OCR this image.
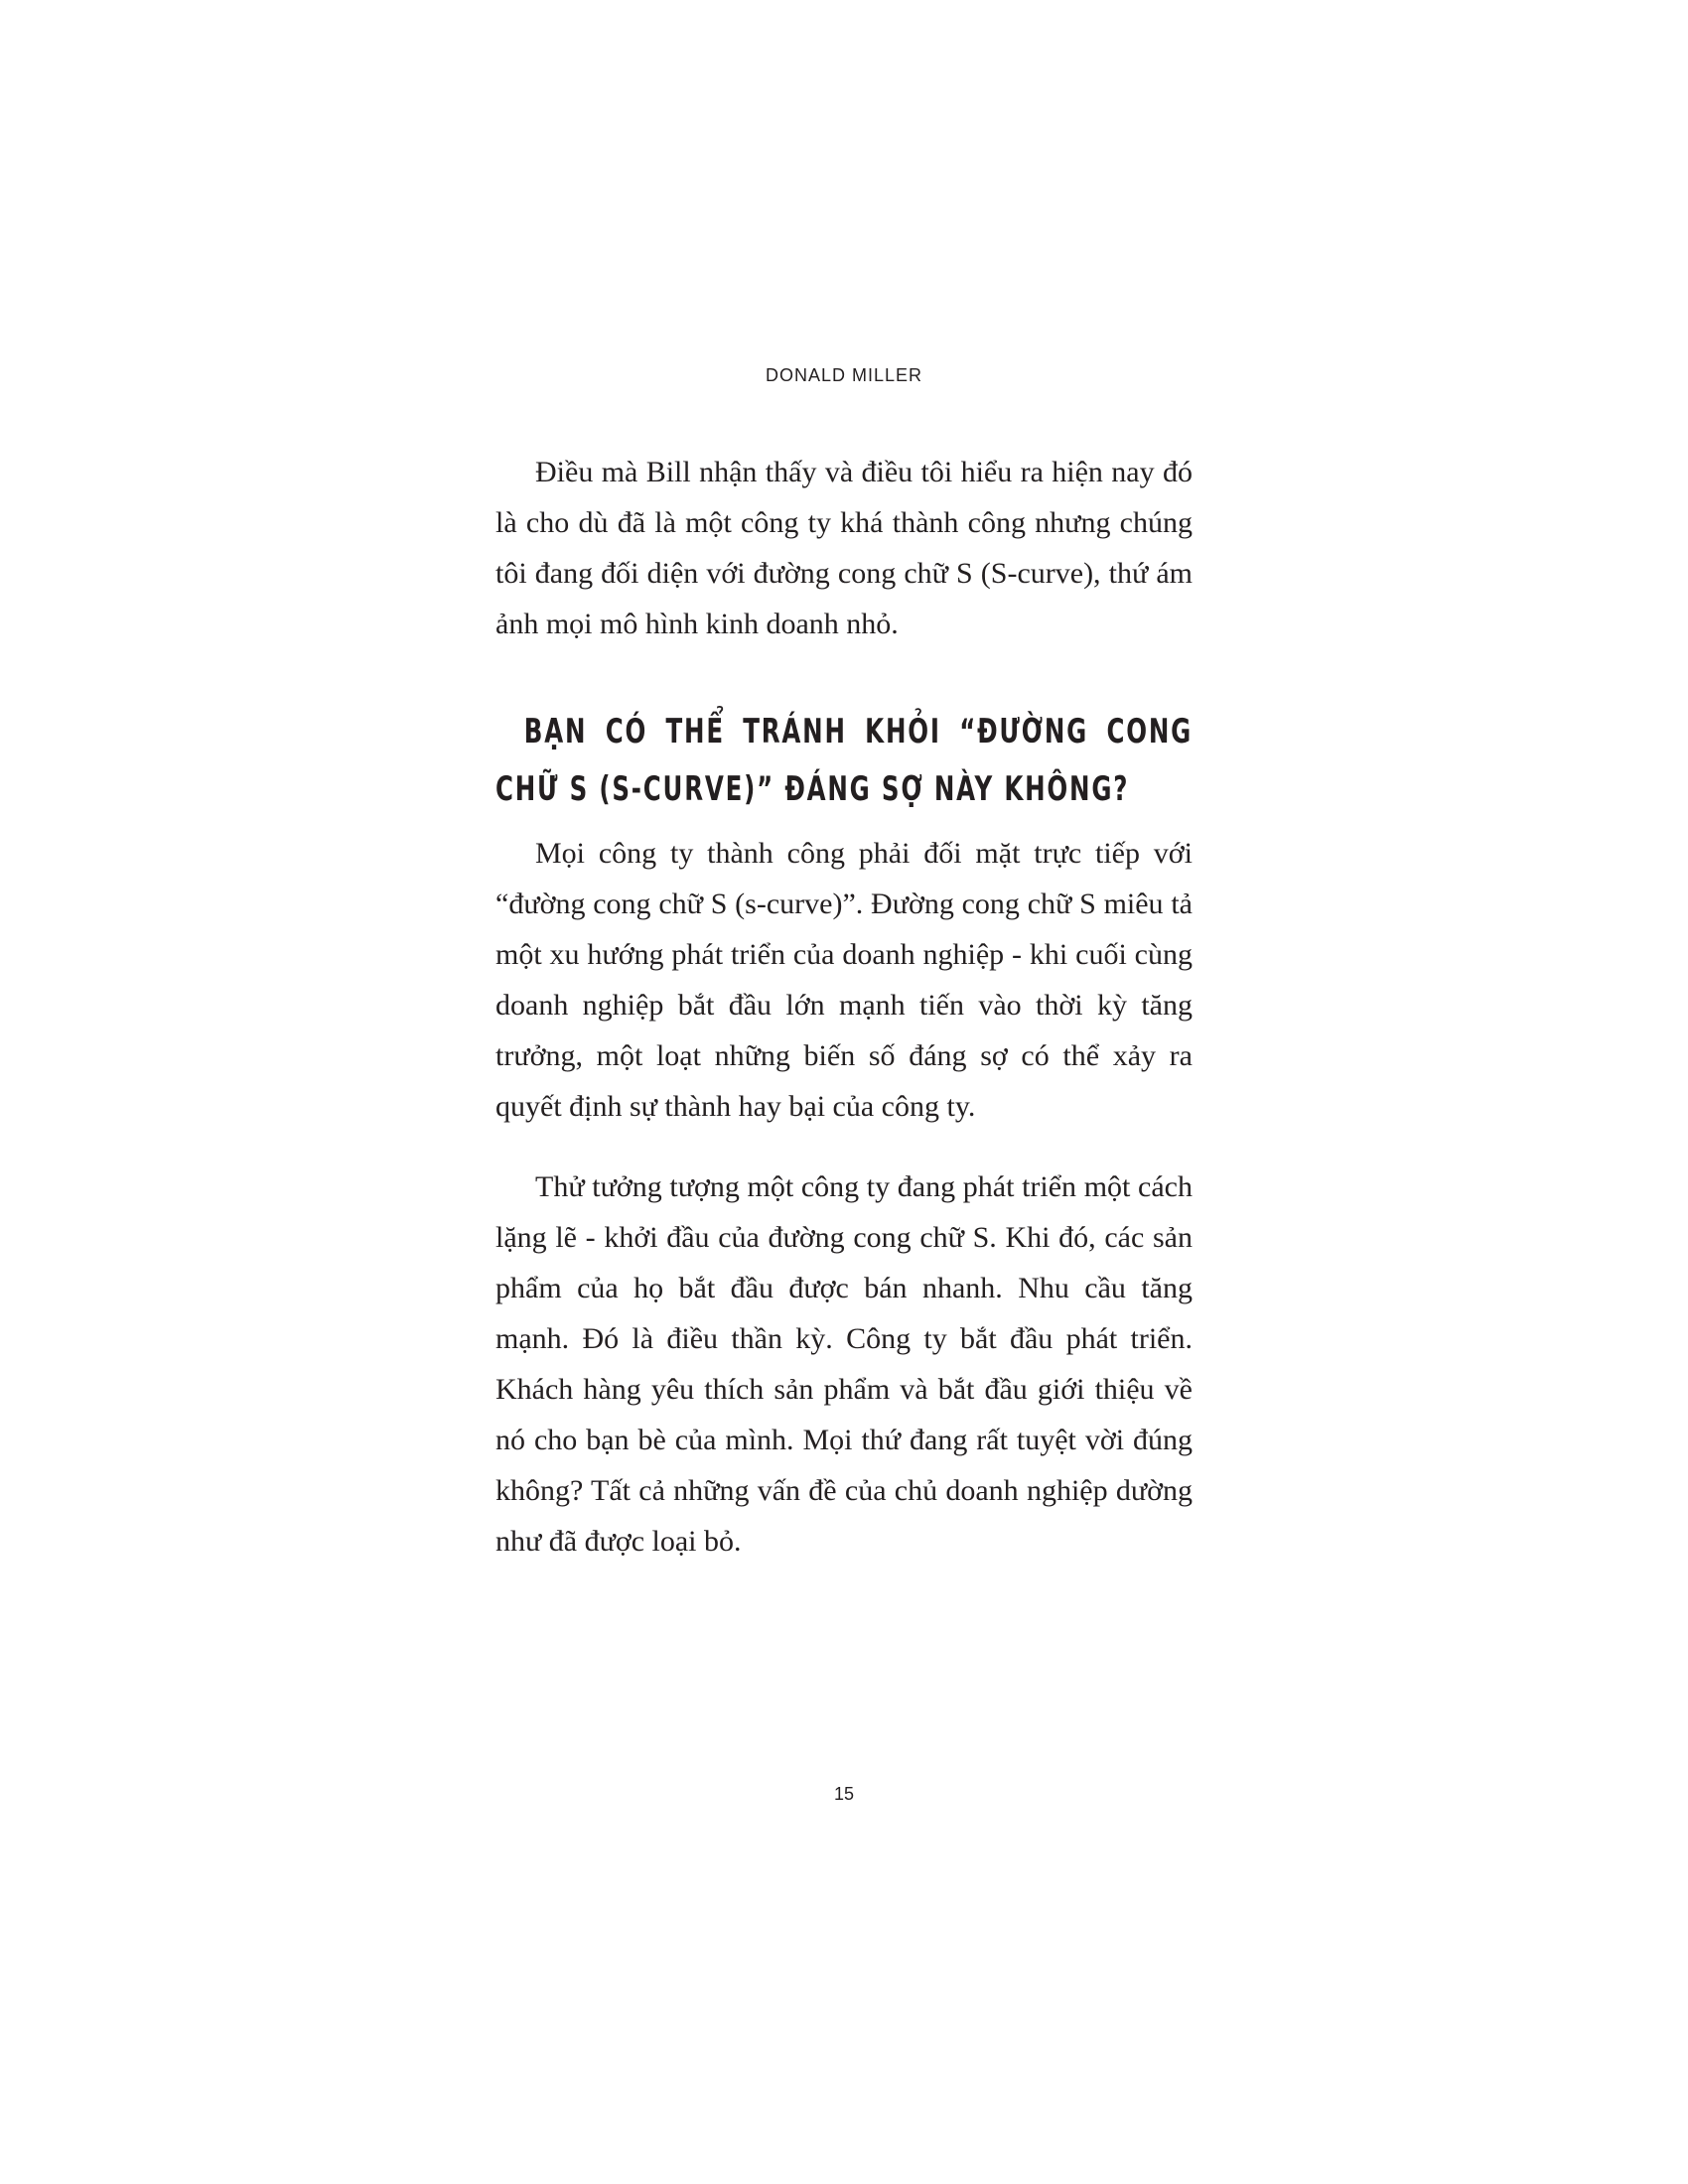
DONALD MILLER

Điều mà Bill nhận thấy và điều tôi hiểu ra hiện nay đó là cho dù đã là một công ty khá thành công nhưng chúng tôi đang đối diện với đường cong chữ S (S-curve), thứ ám ảnh mọi mô hình kinh doanh nhỏ.

BẠN CÓ THỂ TRÁNH KHỎI “ĐƯỜNG CONG CHỮ S (S-CURVE)” ĐÁNG SỢ NÀY KHÔNG?

Mọi công ty thành công phải đối mặt trực tiếp với “đường cong chữ S (s-curve)”. Đường cong chữ S miêu tả một xu hướng phát triển của doanh nghiệp - khi cuối cùng doanh nghiệp bắt đầu lớn mạnh tiến vào thời kỳ tăng trưởng, một loạt những biến số đáng sợ có thể xảy ra quyết định sự thành hay bại của công ty.

Thử tưởng tượng một công ty đang phát triển một cách lặng lẽ - khởi đầu của đường cong chữ S. Khi đó, các sản phẩm của họ bắt đầu được bán nhanh. Nhu cầu tăng mạnh. Đó là điều thần kỳ. Công ty bắt đầu phát triển. Khách hàng yêu thích sản phẩm và bắt đầu giới thiệu về nó cho bạn bè của mình. Mọi thứ đang rất tuyệt vời đúng không? Tất cả những vấn đề của chủ doanh nghiệp dường như đã được loại bỏ.

15
